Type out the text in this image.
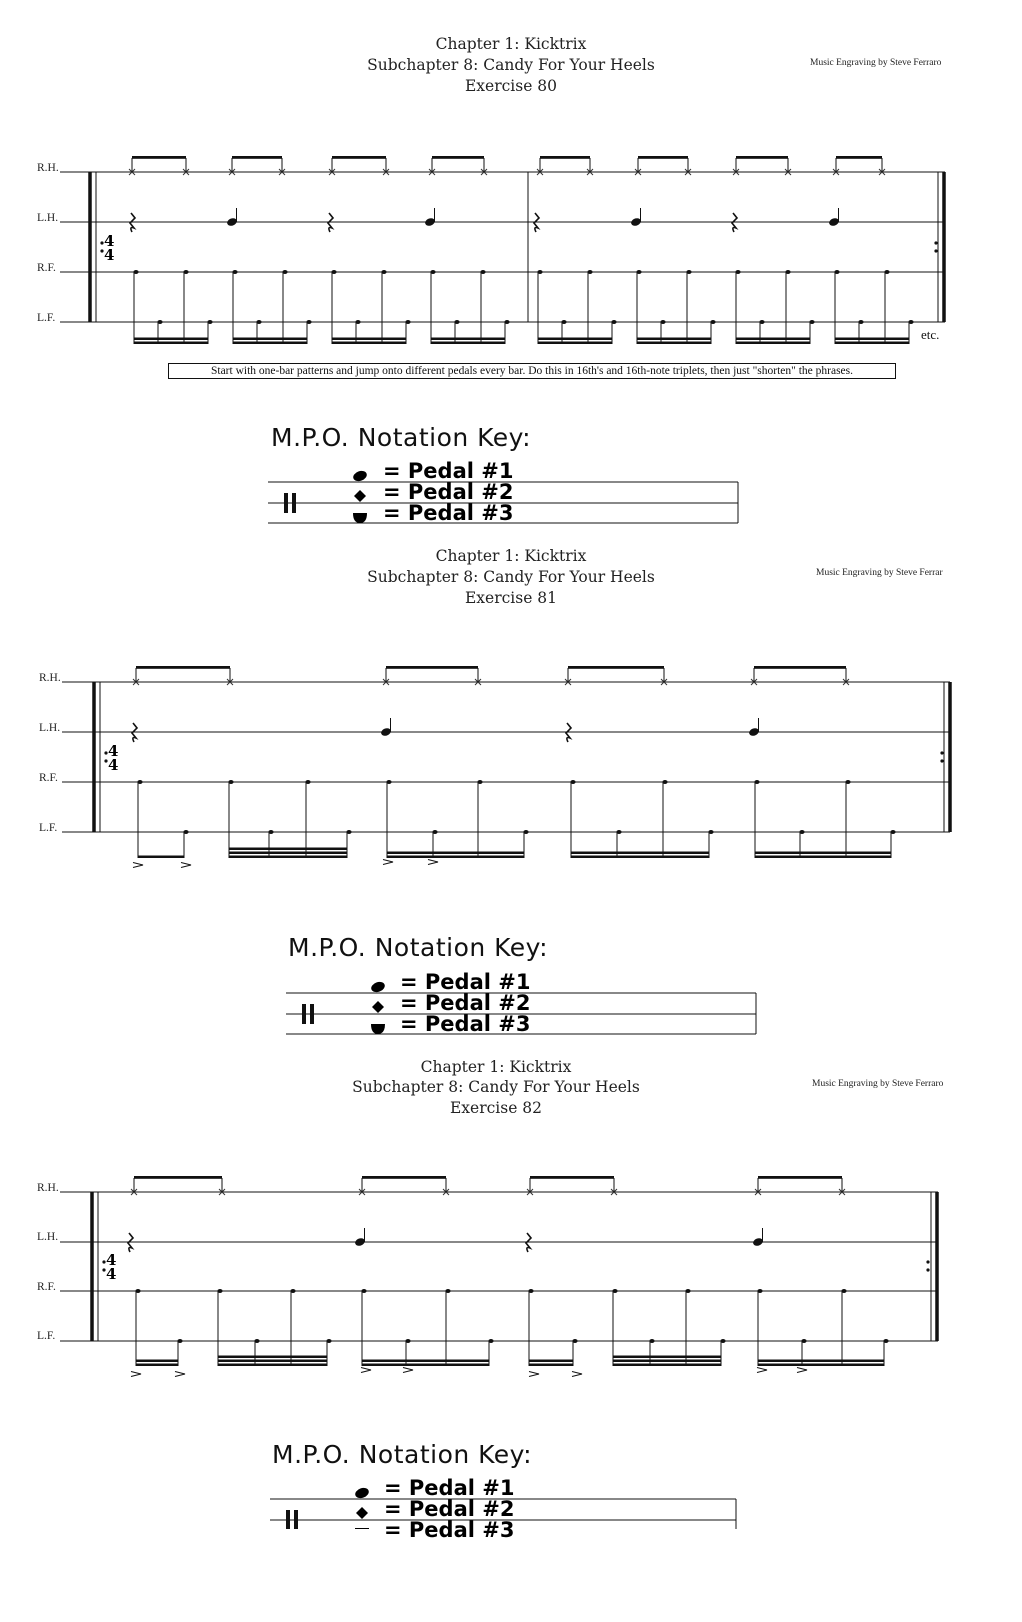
Chapter 1: Kicktrix
Subchapter 8: Candy For Your Heels
Exercise 80
Music Engraving by Steve Ferraro
R.H.
L.H.
R.F.
L.F.
4
4
etc.
Start with one-bar patterns and jump onto different pedals every bar. Do this in 16th's and 16th-note triplets, then just "shorten" the phrases.
M.P.O. Notation Key:
= Pedal #1
= Pedal #2
= Pedal #3
Chapter 1: Kicktrix
Subchapter 8: Candy For Your Heels
Exercise 81
Music Engraving by Steve Ferrar
R.H.
L.H.
R.F.
L.F.
4
4
M.P.O. Notation Key:
= Pedal #1
= Pedal #2
= Pedal #3
Chapter 1: Kicktrix
Subchapter 8: Candy For Your Heels
Exercise 82
Music Engraving by Steve Ferraro
R.H.
L.H.
R.F.
L.F.
4
4
M.P.O. Notation Key:
= Pedal #1
= Pedal #2
